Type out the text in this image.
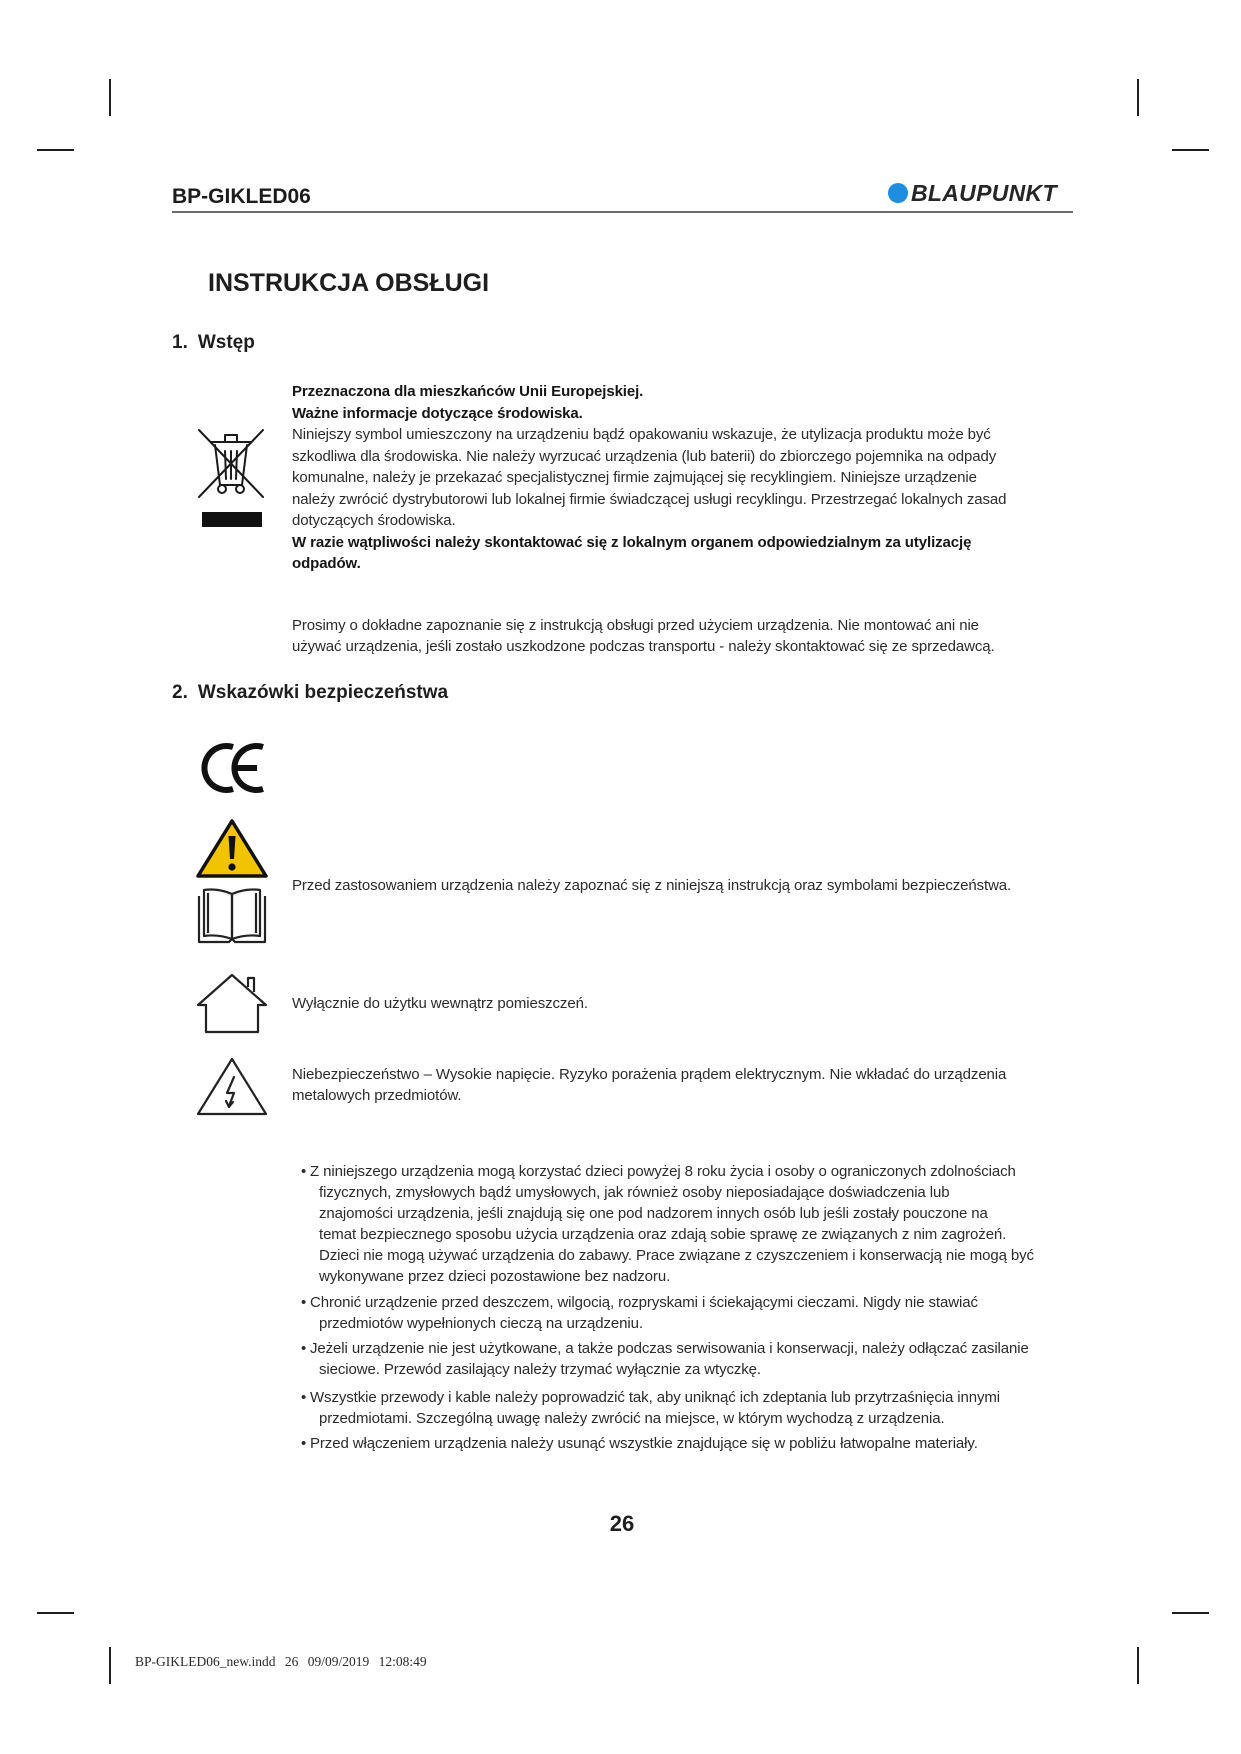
BP-GIKLED06	BLAUPUNKT
INSTRUKCJA OBSŁUGI
1. Wstęp
Przeznaczona dla mieszkańców Unii Europejskiej.
Ważne informacje dotyczące środowiska.
Niniejszy symbol umieszczony na urządzeniu bądź opakowaniu wskazuje, że utylizacja produktu może być
szkodliwa dla środowiska. Nie należy wyrzucać urządzenia (lub baterii) do zbiorczego pojemnika na odpady
komunalne, należy je przekazać specjalistycznej firmie zajmującej się recyklingiem. Niniejsze urządzenie
należy zwrócić dystrybutorowi lub lokalnej firmie świadczącej usługi recyklingu. Przestrzegać lokalnych zasad
dotyczących środowiska.
W razie wątpliwości należy skontaktować się z lokalnym organem odpowiedzialnym za utylizację
odpadów.
Prosimy o dokładne zapoznanie się z instrukcją obsługi przed użyciem urządzenia. Nie montować ani nie
używać urządzenia, jeśli zostało uszkodzone podczas transportu - należy skontaktować się ze sprzedawcą.
2. Wskazówki bezpieczeństwa
Przed zastosowaniem urządzenia należy zapoznać się z niniejszą instrukcją oraz symbolami bezpieczeństwa.
Wyłącznie do użytku wewnątrz pomieszczeń.
Niebezpieczeństwo – Wysokie napięcie. Ryzyko porażenia prądem elektrycznym. Nie wkładać do urządzenia
metalowych przedmiotów.
• Z niniejszego urządzenia mogą korzystać dzieci powyżej 8 roku życia i osoby o ograniczonych zdolnościach
fizycznych, zmysłowych bądź umysłowych, jak również osoby nieposiadające doświadczenia lub
znajomości urządzenia, jeśli znajdują się one pod nadzorem innych osób lub jeśli zostały pouczone na
temat bezpiecznego sposobu użycia urządzenia oraz zdają sobie sprawę ze związanych z nim zagrożeń.
Dzieci nie mogą używać urządzenia do zabawy. Prace związane z czyszczeniem i konserwacją nie mogą być
wykonywane przez dzieci pozostawione bez nadzoru.
• Chronić urządzenie przed deszczem, wilgocią, rozpryskami i ściekającymi cieczami. Nigdy nie stawiać
przedmiotów wypełnionych cieczą na urządzeniu.
• Jeżeli urządzenie nie jest użytkowane, a także podczas serwisowania i konserwacji, należy odłączać zasilanie
sieciowe. Przewód zasilający należy trzymać wyłącznie za wtyczkę.
• Wszystkie przewody i kable należy poprowadzić tak, aby uniknąć ich zdeptania lub przytrzaśnięcia innymi
przedmiotami. Szczególną uwagę należy zwrócić na miejsce, w którym wychodzą z urządzenia.
• Przed włączeniem urządzenia należy usunąć wszystkie znajdujące się w pobliżu łatwopalne materiały.
26
BP-GIKLED06_new.indd 26 09/09/2019 12:08:49
